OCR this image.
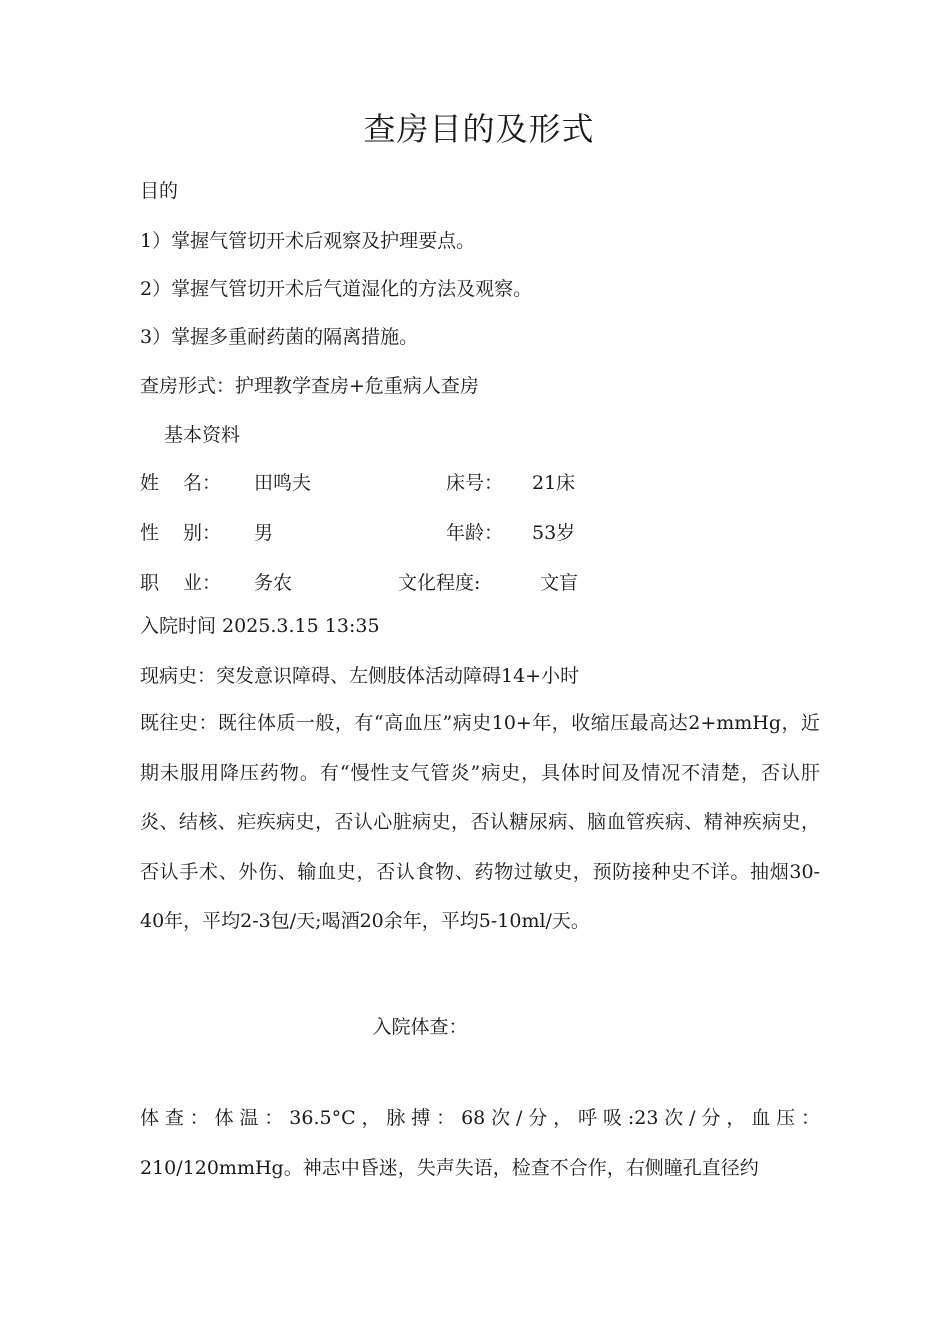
查房目的及形式
目的
1）掌握气管切开术后观察及护理要点。
2）掌握气管切开术后气道湿化的方法及观察。
3）掌握多重耐药菌的隔离措施。
查房形式：护理教学查房+危重病人查房
基本资料
姓 名： 田鸣夫	床号： 21床
性 别： 男	年龄： 53岁
职 业： 务农	文化程度:	文盲
入院时间 2025.3.15 13:35
现病史：突发意识障碍、左侧肢体活动障碍14+小时
既往史：既往体质一般，有“高血压”病史10+年，收缩压最高达2+mmHg，近期未服用降压药物。有“慢性支气管炎”病史，具体时间及情况不清楚，否认肝炎、结核、疟疾病史，否认心脏病史，否认糖尿病、脑血管疾病、精神疾病史，否认手术、外伤、输血史，否认食物、药物过敏史，预防接种史不详。抽烟30-40年，平均2-3包/天;喝酒20余年，平均5-10ml/天。
入院体查：
体查：体温：36.5°C，脉搏：68次/分，呼吸:23次/分，血压：210/120mmHg。神志中昏迷，失声失语，检查不合作，右侧瞳孔直径约
